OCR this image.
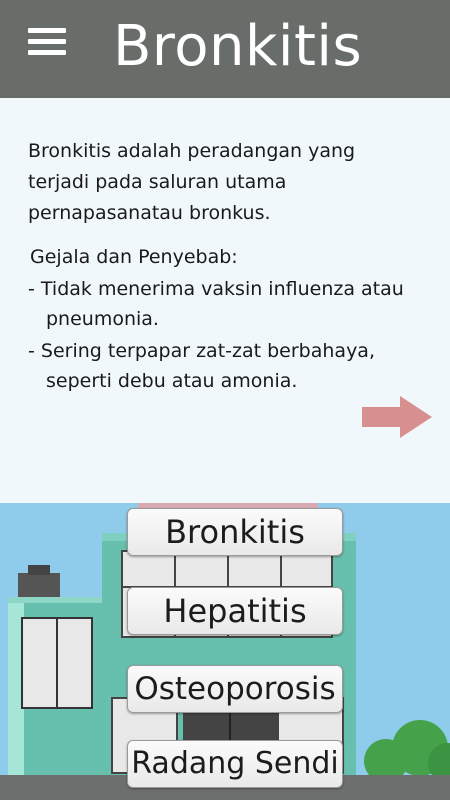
Bronkitis

Bronkitis adalah peradangan yang terjadi pada saluran utama pernapasanatau bronkus.

Gejala dan Penyebab:
- Tidak menerima vaksin influenza atau pneumonia.
- Sering terpapar zat-zat berbahaya, seperti debu atau amonia.
Bronkitis
Hepatitis
Osteoporosis
Radang Sendi
